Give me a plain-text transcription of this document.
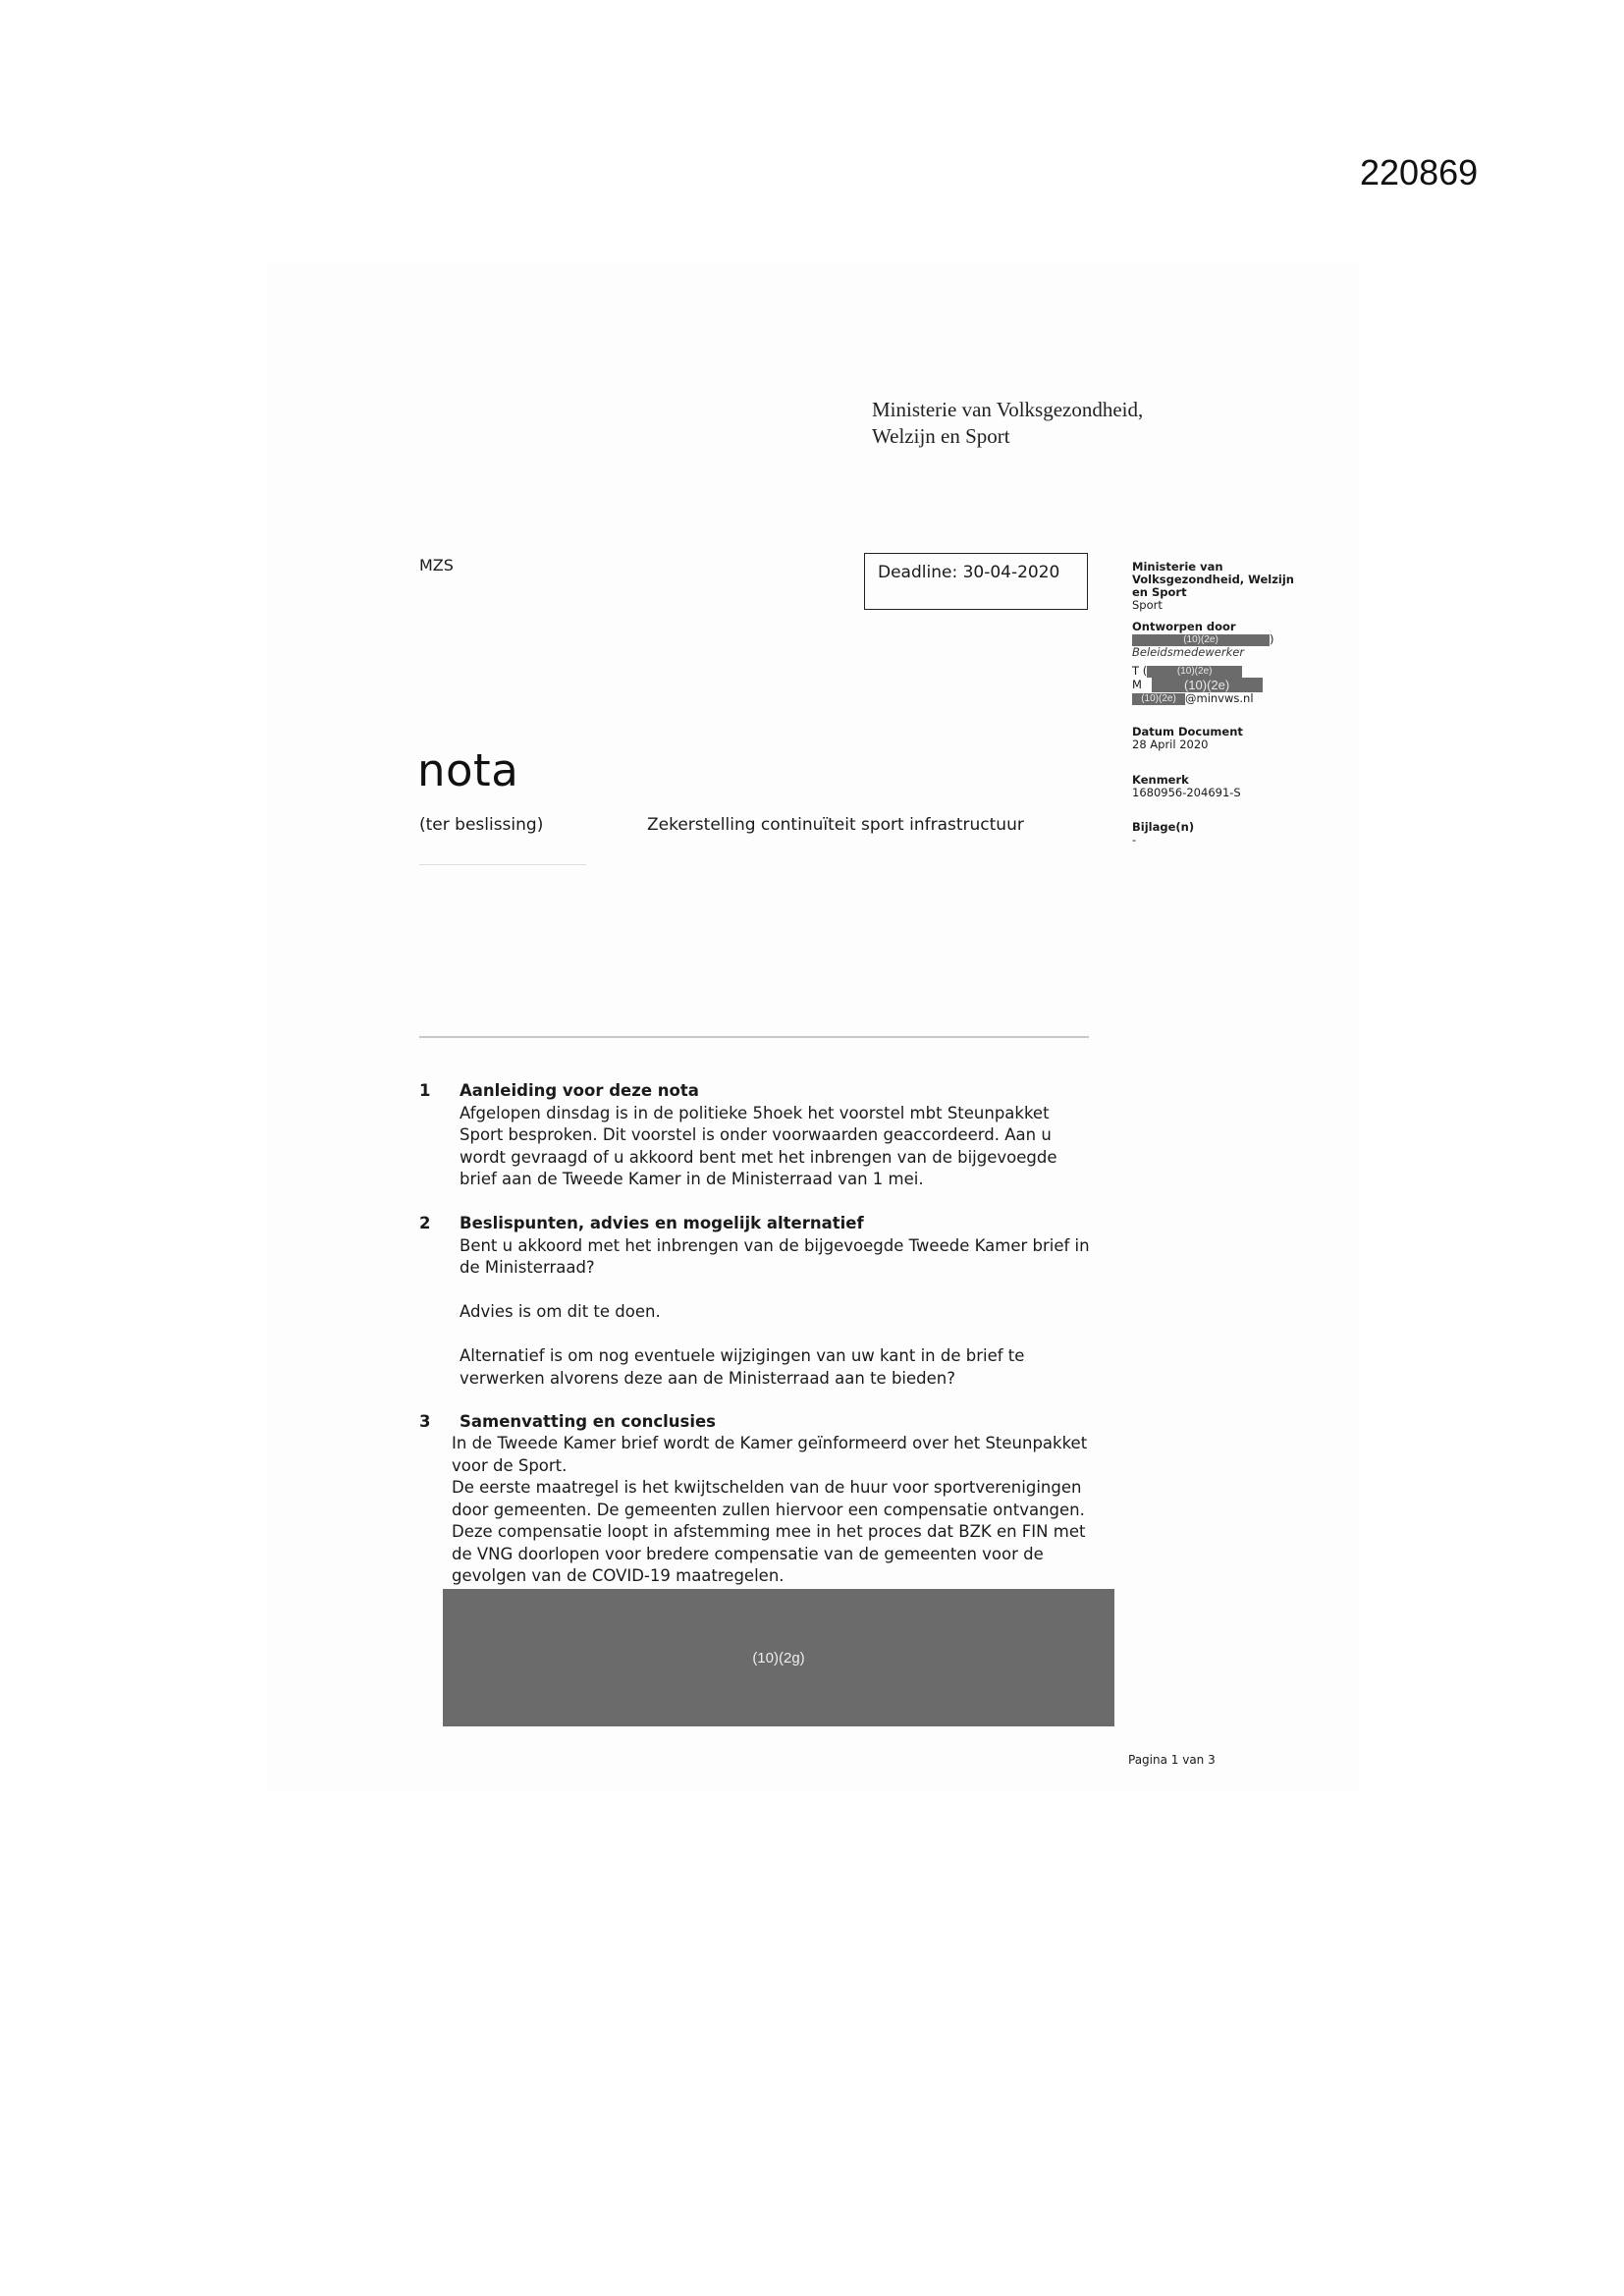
220869
Ministerie van Volksgezondheid,
Welzijn en Sport
MZS	Deadline: 30-04-2020	Ministerie van
Volksgezondheid, Welzijn
en Sport
Sport
Ontworpen door
(10)(2e)	)
Beleidsmedewerker
T (	(10)(2e)
M	(10)(2e)
(10)(2e) @minvws.nl
Datum Document
28 April 2020
Kenmerk
1680956-204691-S
Bijlage(n)
-
nota
(ter beslissing)	Zekerstelling continuïteit sport infrastructuur
1 Aanleiding voor deze nota

Afgelopen dinsdag is in de politieke 5hoek het voorstel mbt Steunpakket

Sport besproken. Dit voorstel is onder voorwaarden geaccordeerd. Aan u

wordt gevraagd of u akkoord bent met het inbrengen van de bijgevoegde

brief aan de Tweede Kamer in de Ministerraad van 1 mei.

2 Beslispunten, advies en mogelijk alternatief

Bent u akkoord met het inbrengen van de bijgevoegde Tweede Kamer brief in

de Ministerraad?

Advies is om dit te doen.

Alternatief is om nog eventuele wijzigingen van uw kant in de brief te

verwerken alvorens deze aan de Ministerraad aan te bieden?

3 Samenvatting en conclusies

In de Tweede Kamer brief wordt de Kamer geïnformeerd over het Steunpakket

voor de Sport.

De eerste maatregel is het kwijtschelden van de huur voor sportverenigingen

door gemeenten. De gemeenten zullen hiervoor een compensatie ontvangen.

Deze compensatie loopt in afstemming mee in het proces dat BZK en FIN met

de VNG doorlopen voor bredere compensatie van de gemeenten voor de

gevolgen van de COVID-19 maatregelen.

(10)(2g)
Pagina 1 van 3
